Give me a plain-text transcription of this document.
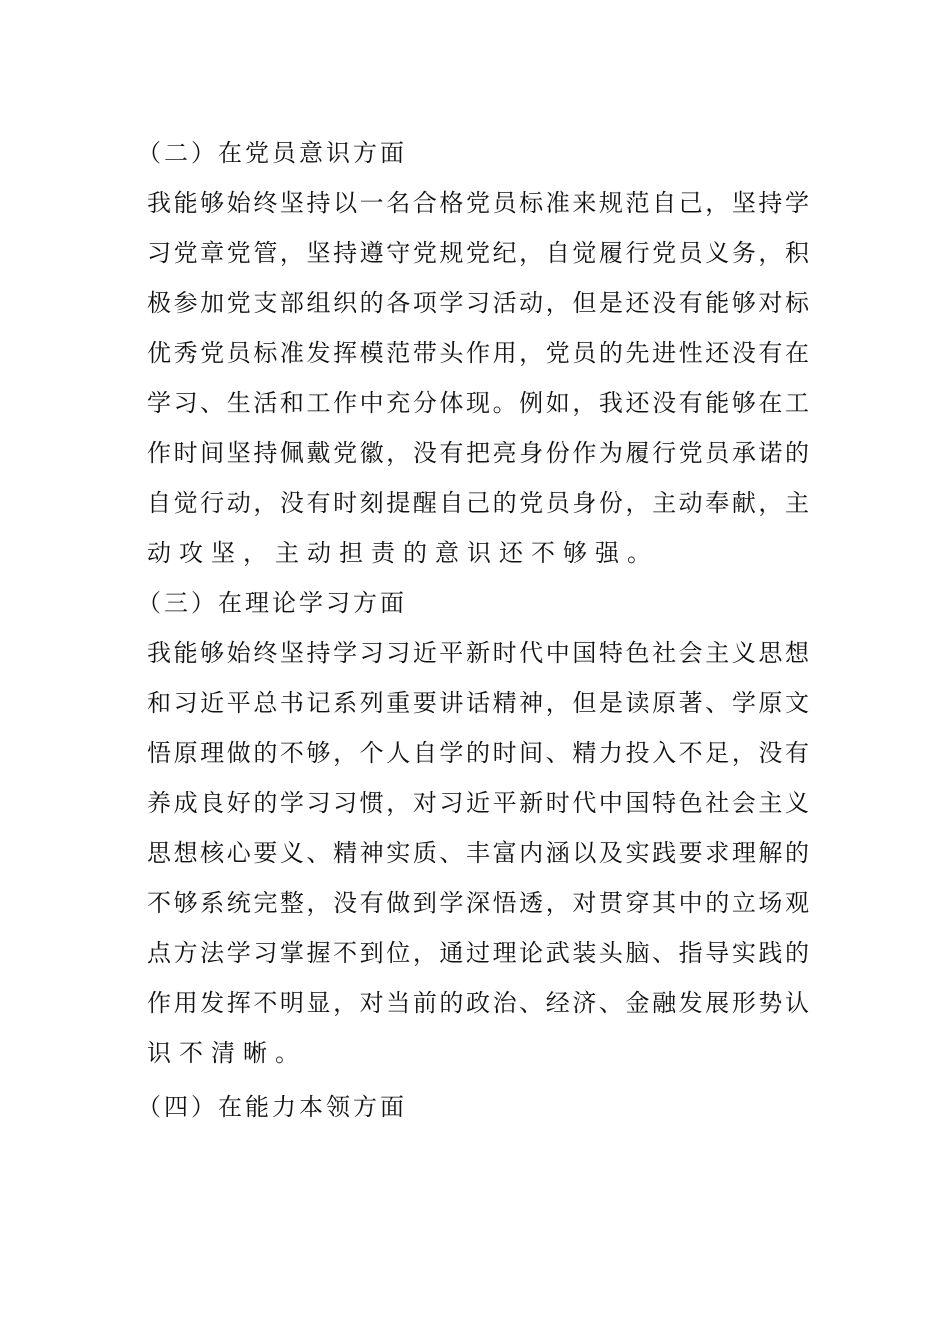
（二）在党员意识方面
我能够始终坚持以一名合格党员标准来规范自己，坚持学
习党章党管，坚持遵守党规党纪，自觉履行党员义务，积
极参加党支部组织的各项学习活动，但是还没有能够对标
优秀党员标准发挥模范带头作用，党员的先进性还没有在
学习、生活和工作中充分体现。例如，我还没有能够在工
作时间坚持佩戴党徽，没有把亮身份作为履行党员承诺的
自觉行动，没有时刻提醒自己的党员身份，主动奉献，主
动攻坚，主动担责的意识还不够强。
（三）在理论学习方面
我能够始终坚持学习习近平新时代中国特色社会主义思想
和习近平总书记系列重要讲话精神，但是读原著、学原文
悟原理做的不够，个人自学的时间、精力投入不足，没有
养成良好的学习习惯，对习近平新时代中国特色社会主义
思想核心要义、精神实质、丰富内涵以及实践要求理解的
不够系统完整，没有做到学深悟透，对贯穿其中的立场观
点方法学习掌握不到位，通过理论武装头脑、指导实践的
作用发挥不明显，对当前的政治、经济、金融发展形势认
识不清晰。
（四）在能力本领方面
